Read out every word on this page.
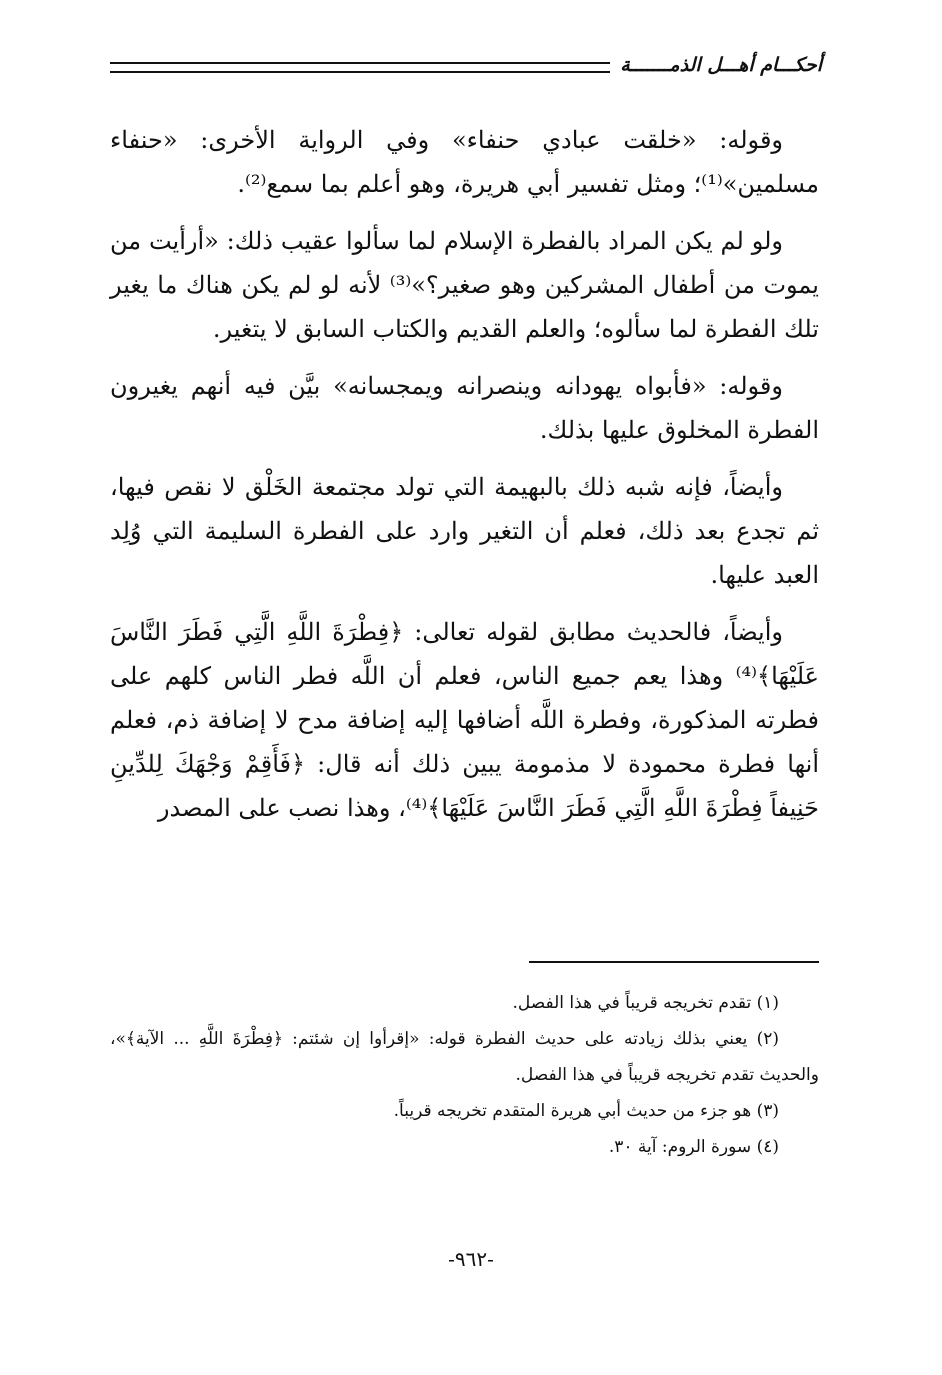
أحكـــام أهـــل الذمـــــــة

وقوله: «خلقت عبادي حنفاء» وفي الرواية الأخرى: «حنفاء مسلمين»⁽¹⁾؛ ومثل تفسير أبي هريرة، وهو أعلم بما سمع⁽²⁾.

ولو لم يكن المراد بالفطرة الإسلام لما سألوا عقيب ذلك: «أرأيت من يموت من أطفال المشركين وهو صغير؟»⁽³⁾ لأنه لو لم يكن هناك ما يغير تلك الفطرة لما سألوه؛ والعلم القديم والكتاب السابق لا يتغير.

وقوله: «فأبواه يهودانه وينصرانه ويمجسانه» بيَّن فيه أنهم يغيرون الفطرة المخلوق عليها بذلك.

وأيضاً، فإنه شبه ذلك بالبهيمة التي تولد مجتمعة الخَلْق لا نقص فيها، ثم تجدع بعد ذلك، فعلم أن التغير وارد على الفطرة السليمة التي وُلِد العبد عليها.

وأيضاً، فالحديث مطابق لقوله تعالى: ﴿فِطْرَةَ اللَّهِ الَّتِي فَطَرَ النَّاسَ عَلَيْهَا﴾⁽⁴⁾ وهذا يعم جميع الناس، فعلم أن اللَّه فطر الناس كلهم على فطرته المذكورة، وفطرة اللَّه أضافها إليه إضافة مدح لا إضافة ذم، فعلم أنها فطرة محمودة لا مذمومة يبين ذلك أنه قال: ﴿فَأَقِمْ وَجْهَكَ لِلدِّينِ حَنِيفاً فِطْرَةَ اللَّهِ الَّتِي فَطَرَ النَّاسَ عَلَيْهَا﴾⁽⁴⁾، وهذا نصب على المصدر

(١) تقدم تخريجه قريباً في هذا الفصل.

(٢) يعني بذلك زيادته على حديث الفطرة قوله: «إقرأوا إن شئتم: ﴿فِطْرَةَ اللَّهِ ... الآية﴾»، والحديث تقدم تخريجه قريباً في هذا الفصل.

(٣) هو جزء من حديث أبي هريرة المتقدم تخريجه قريباً.

(٤) سورة الروم: آية ٣٠.

-٩٦٢-
